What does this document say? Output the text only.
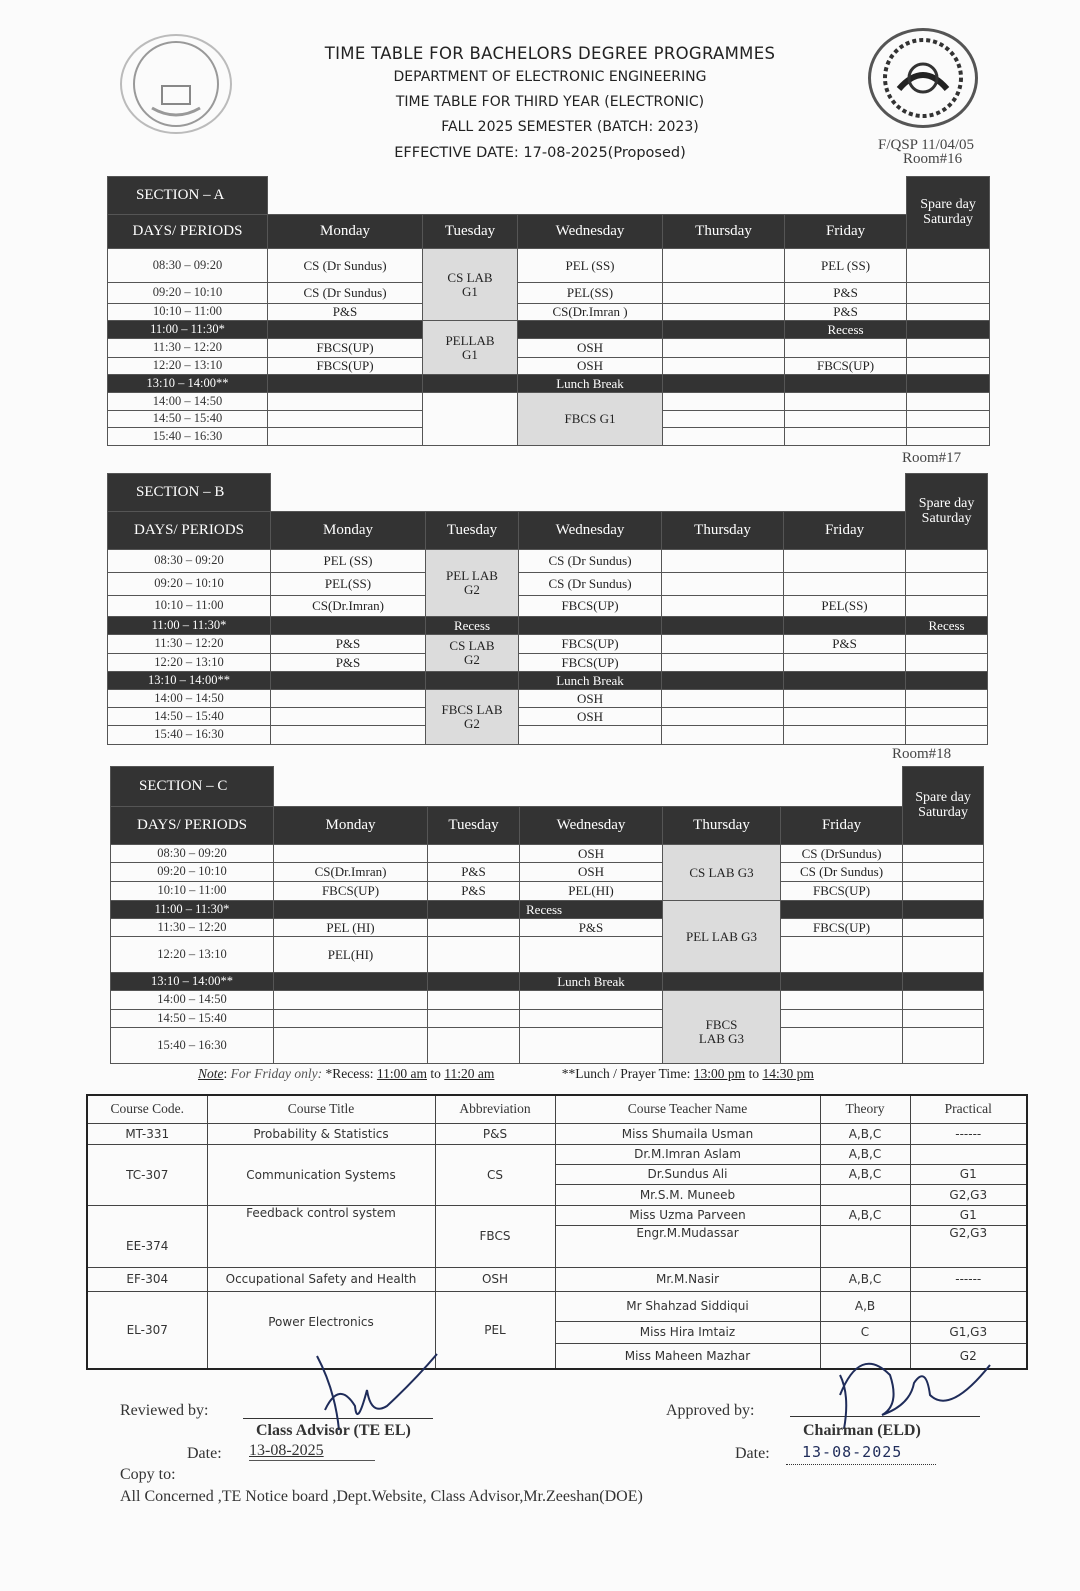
TIME TABLE FOR BACHELORS DEGREE PROGRAMMES
DEPARTMENT OF ELECTRONIC ENGINEERING
TIME TABLE FOR THIRD YEAR (ELECTRONIC)
FALL 2025 SEMESTER (BATCH: 2023)
EFFECTIVE DATE: 17-08-2025(Proposed)	F/QSP 11/04/05
Room#16
SECTION – A						Spare day Saturday
DAYS/ PERIODS	Monday	Tuesday	Wednesday	Thursday	Friday	
08:30 – 09:20	CS (Dr Sundus)	CS LAB G1	PEL (SS)		PEL (SS)	
09:20 – 10:10	CS (Dr Sundus)		PEL(SS)		P&S	
10:10 – 11:00	P&S		CS(Dr.Imran )		P&S	
11:00 – 11:30*		PELLAB G1			Recess	
11:30 – 12:20	FBCS(UP)		OSH			
12:20 – 13:10	FBCS(UP)		OSH		FBCS(UP)	
13:10 – 14:00**			Lunch Break			
14:00 – 14:50			FBCS G1			
14:50 – 15:40						
15:40 – 16:30						
Room#17
SECTION – B						Spare day Saturday
DAYS/ PERIODS	Monday	Tuesday	Wednesday	Thursday	Friday	
08:30 – 09:20	PEL (SS)	PEL LAB G2	CS (Dr Sundus)			
09:20 – 10:10	PEL(SS)		CS (Dr Sundus)			
10:10 – 11:00	CS(Dr.Imran)		FBCS(UP)		PEL(SS)	
11:00 – 11:30*		Recess				Recess
11:30 – 12:20	P&S	CS LAB G2	FBCS(UP)		P&S	
12:20 – 13:10	P&S		FBCS(UP)			
13:10 – 14:00**			Lunch Break			
14:00 – 14:50		FBCS LAB G2	OSH			
14:50 – 15:40			OSH			
15:40 – 16:30						
Room#18
SECTION – C						Spare day Saturday
DAYS/ PERIODS	Monday	Tuesday	Wednesday	Thursday	Friday	
08:30 – 09:20			OSH	CS LAB G3	CS (DrSundus)	
09:20 – 10:10	CS(Dr.Imran)	P&S	OSH		CS (Dr Sundus)	
10:10 – 11:00	FBCS(UP)	P&S	PEL(HI)		FBCS(UP)	
11:00 – 11:30*			Recess	PEL LAB G3		
11:30 – 12:20	PEL (HI)		P&S		FBCS(UP)	
12:20 – 13:10	PEL(HI)					
13:10 – 14:00**			Lunch Break			
14:00 – 14:50				FBCS LAB G3		
14:50 – 15:40						
15:40 – 16:30						
Note: For Friday only: *Recess: 11:00 am to 11:20 am	**Lunch / Prayer Time: 13:00 pm to 14:30 pm
Course Code.	Course Title	Abbreviation	Course Teacher Name	Theory	Practical
MT-331	Probability & Statistics	P&S	Miss Shumaila Usman	A,B,C	------
TC-307	Communication Systems	CS	Dr.M.Imran Aslam	A,B,C	
			Dr.Sundus Ali	A,B,C	G1
			Mr.S.M. Muneeb		G2,G3
EE-374	Feedback control system	FBCS	Miss Uzma Parveen	A,B,C	G1
			Engr.M.Mudassar		G2,G3
EF-304	Occupational Safety and Health	OSH	Mr.M.Nasir	A,B,C	------
EL-307	Power Electronics	PEL	Mr Shahzad Siddiqui	A,B	
			Miss Hira Imtaiz	C	G1,G3
			Miss Maheen Mazhar		G2
Reviewed by:
Class Advisor (TE EL)
Date: 13-08-2025
Approved by:
Chairman (ELD)
Date: 13-08-2025
Copy to:
All Concerned ,TE Notice board ,Dept.Website, Class Advisor,Mr.Zeeshan(DOE)
